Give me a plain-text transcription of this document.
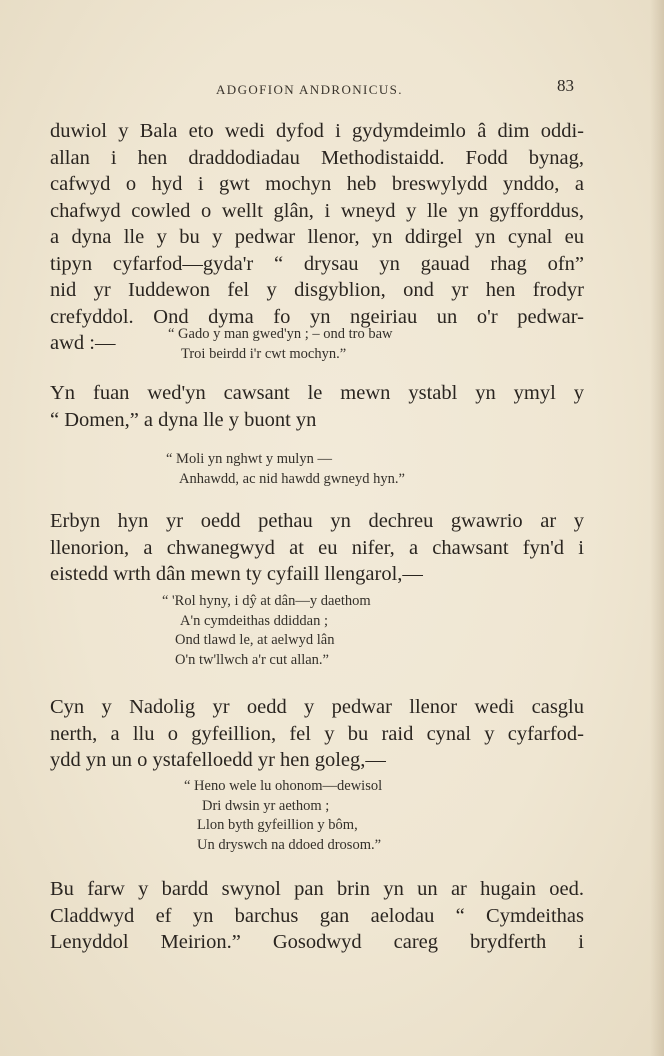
ADGOFION ANDRONICUS.	83
duwiol y Bala eto wedi dyfod i gydymdeimlo â dim oddi-
allan i hen draddodiadau Methodistaidd. Fodd bynag,
cafwyd o hyd i gwt mochyn heb breswylydd ynddo, a
chafwyd cowled o wellt glân, i wneyd y lle yn gyfforddus,
a dyna lle y bu y pedwar llenor, yn ddirgel yn cynal eu
tipyn cyfarfod—gyda'r “ drysau yn gauad rhag ofn”
nid yr Iuddewon fel y disgyblion, ond yr hen frodyr
crefyddol. Ond dyma fo yn ngeiriau un o'r pedwar-
awd :—	“ Gado y man gwed'yn ; – ond tro baw
Troi beirdd i'r cwt mochyn.”
Yn fuan wed'yn cawsant le mewn ystabl yn ymyl y
“ Domen,” a dyna lle y buont yn
“ Moli yn nghwt y mulyn —
Anhawdd, ac nid hawdd gwneyd hyn.”
Erbyn hyn yr oedd pethau yn dechreu gwawrio ar y
llenorion, a chwanegwyd at eu nifer, a chawsant fyn'd i
eistedd wrth dân mewn ty cyfaill llengarol,—
“ 'Rol hyny, i dŷ at dân—y daethom
A'n cymdeithas ddiddan ;
Ond tlawd le, at aelwyd lân
O'n tw'llwch a'r cut allan.”
Cyn y Nadolig yr oedd y pedwar llenor wedi casglu
nerth, a llu o gyfeillion, fel y bu raid cynal y cyfarfod-
ydd yn un o ystafelloedd yr hen goleg,—
“ Heno wele lu ohonom—dewisol
Dri dwsin yr aethom ;
Llon byth gyfeillion y bôm,
Un dryswch na ddoed drosom.”
Bu farw y bardd swynol pan brin yn un ar hugain oed.
Claddwyd ef yn barchus gan aelodau “ Cymdeithas
Lenyddol Meirion.” Gosodwyd careg brydferth i
